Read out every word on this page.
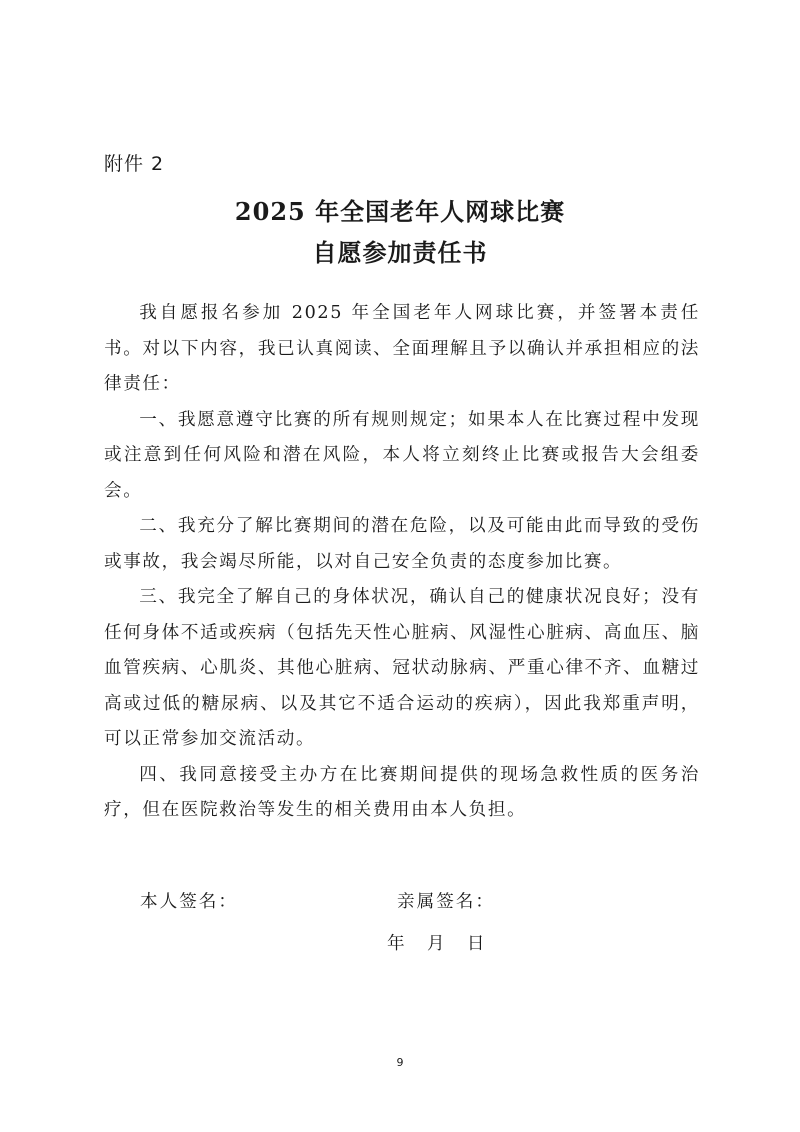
附件 2
2025 年全国老年人网球比赛
自愿参加责任书

我自愿报名参加 2025 年全国老年人网球比赛，并签署本责任书。对以下内容，我已认真阅读、全面理解且予以确认并承担相应的法律责任：

一、我愿意遵守比赛的所有规则规定；如果本人在比赛过程中发现或注意到任何风险和潜在风险，本人将立刻终止比赛或报告大会组委会。

二、我充分了解比赛期间的潜在危险，以及可能由此而导致的受伤或事故，我会竭尽所能，以对自己安全负责的态度参加比赛。

三、我完全了解自己的身体状况，确认自己的健康状况良好；没有任何身体不适或疾病（包括先天性心脏病、风湿性心脏病、高血压、脑血管疾病、心肌炎、其他心脏病、冠状动脉病、严重心律不齐、血糖过高或过低的糖尿病、以及其它不适合运动的疾病），因此我郑重声明，可以正常参加交流活动。

四、我同意接受主办方在比赛期间提供的现场急救性质的医务治疗，但在医院救治等发生的相关费用由本人负担。

本人签名：	亲属签名：
年    月    日
9
